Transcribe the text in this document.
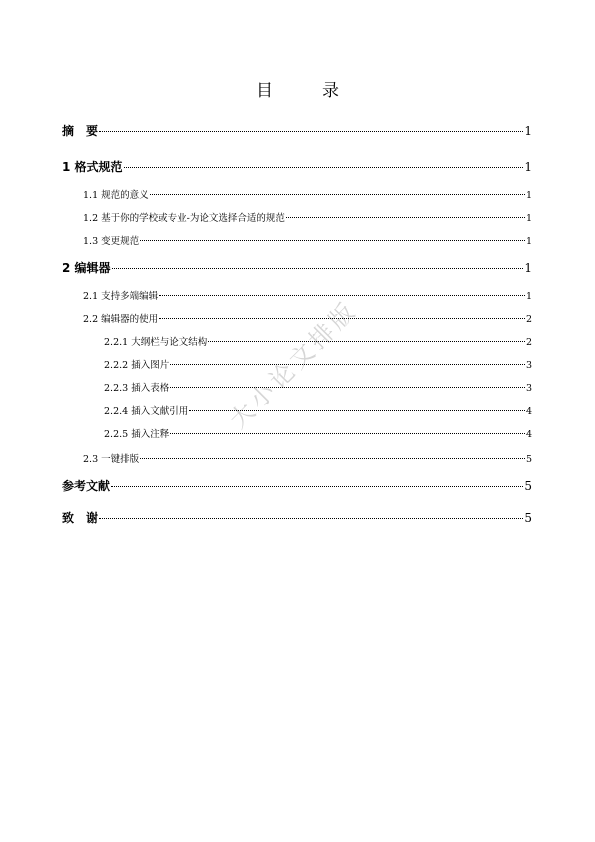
目　录
大小论文排版
摘　要	1
1 格式规范	1
1.1 规范的意义	1
1.2 基于你的学校或专业-为论文选择合适的规范	1
1.3 变更规范	1
2 编辑器	1
2.1 支持多端编辑	1
2.2 编辑器的使用	2
2.2.1 大纲栏与论文结构	2
2.2.2 插入图片	3
2.2.3 插入表格	3
2.2.4 插入文献引用	4
2.2.5 插入注释	4
2.3 一键排版	5
参考文献	5
致　谢	5
